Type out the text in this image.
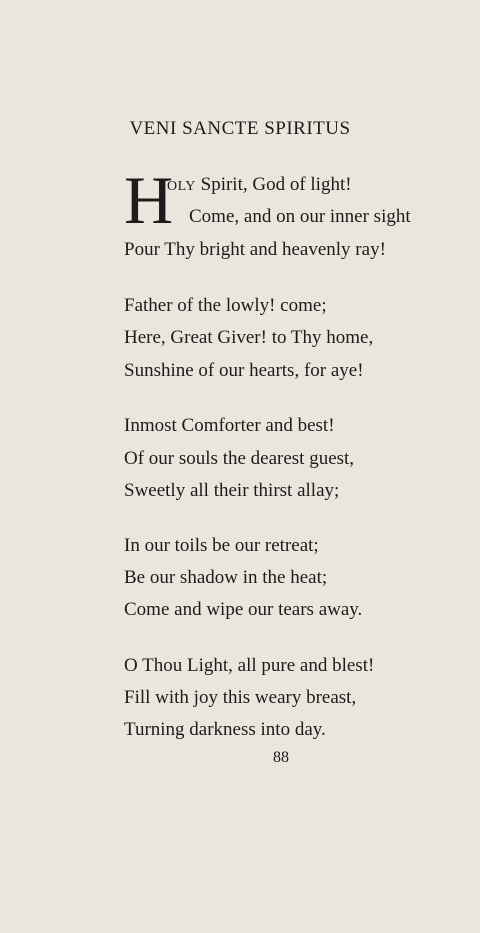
VENI SANCTE SPIRITUS
H
OLY Spirit, God of light!
Come, and on our inner sight
Pour Thy bright and heavenly ray!
Father of the lowly! come;
Here, Great Giver! to Thy home,
Sunshine of our hearts, for aye!
Inmost Comforter and best!
Of our souls the dearest guest,
Sweetly all their thirst allay;
In our toils be our retreat;
Be our shadow in the heat;
Come and wipe our tears away.
O Thou Light, all pure and blest!
Fill with joy this weary breast,
Turning darkness into day.
88
